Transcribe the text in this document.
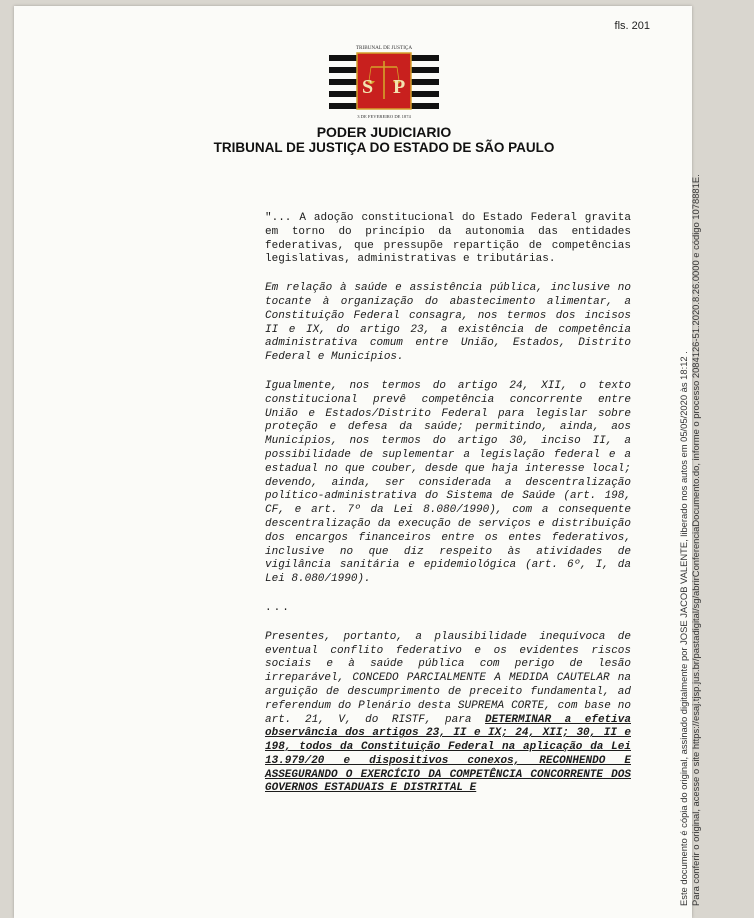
fls. 201
S P
TRIBUNAL DE JUSTIÇA
3 DE FEVEREIRO DE 1874
PODER JUDICIARIO
TRIBUNAL DE JUSTIÇA DO ESTADO DE SÃO PAULO

"... A adoção constitucional do Estado Federal gravita em torno do princípio da autonomia das entidades federativas, que pressupõe repartição de competências legislativas, administrativas e tributárias.

Em relação à saúde e assistência pública, inclusive no tocante à organização do abastecimento alimentar, a Constituição Federal consagra, nos termos dos incisos II e IX, do artigo 23, a existência de competência administrativa comum entre União, Estados, Distrito Federal e Municípios.

Igualmente, nos termos do artigo 24, XII, o texto constitucional prevê competência concorrente entre União e Estados/Distrito Federal para legislar sobre proteção e defesa da saúde; permitindo, ainda, aos Municípios, nos termos do artigo 30, inciso II, a possibilidade de suplementar a legislação federal e a estadual no que couber, desde que haja interesse local; devendo, ainda, ser considerada a descentralização político-administrativa do Sistema de Saúde (art. 198, CF, e art. 7º da Lei 8.080/1990), com a consequente descentralização da execução de serviços e distribuição dos encargos financeiros entre os entes federativos, inclusive no que diz respeito às atividades de vigilância sanitária e epidemiológica (art. 6º, I, da Lei 8.080/1990).

...

Presentes, portanto, a plausibilidade inequívoca de eventual conflito federativo e os evidentes riscos sociais e à saúde pública com perigo de lesão irreparável, CONCEDO PARCIALMENTE A MEDIDA CAUTELAR na arguição de descumprimento de preceito fundamental, ad referendum do Plenário desta SUPREMA CORTE, com base no art. 21, V, do RISTF, para DETERMINAR a efetiva observância dos artigos 23, II e IX; 24, XII; 30, II e 198, todos da Constituição Federal na aplicação da Lei 13.979/20 e dispositivos conexos, RECONHENDO E ASSEGURANDO O EXERCÍCIO DA COMPETÊNCIA CONCORRENTE DOS GOVERNOS ESTADUAIS E DISTRITAL E	Este documento é cópia do original, assinado digitalmente por JOSE JACOB VALENTE, liberado nos autos em 05/05/2020 às 18:12 . Para conferir o original, acesse o site https://esaj.tjsp.jus.br/pastadigital/sg/abrirConferenciaDocumento.do, informe o processo 2084126-51.2020.8.26.0000 e código 1078881E.
